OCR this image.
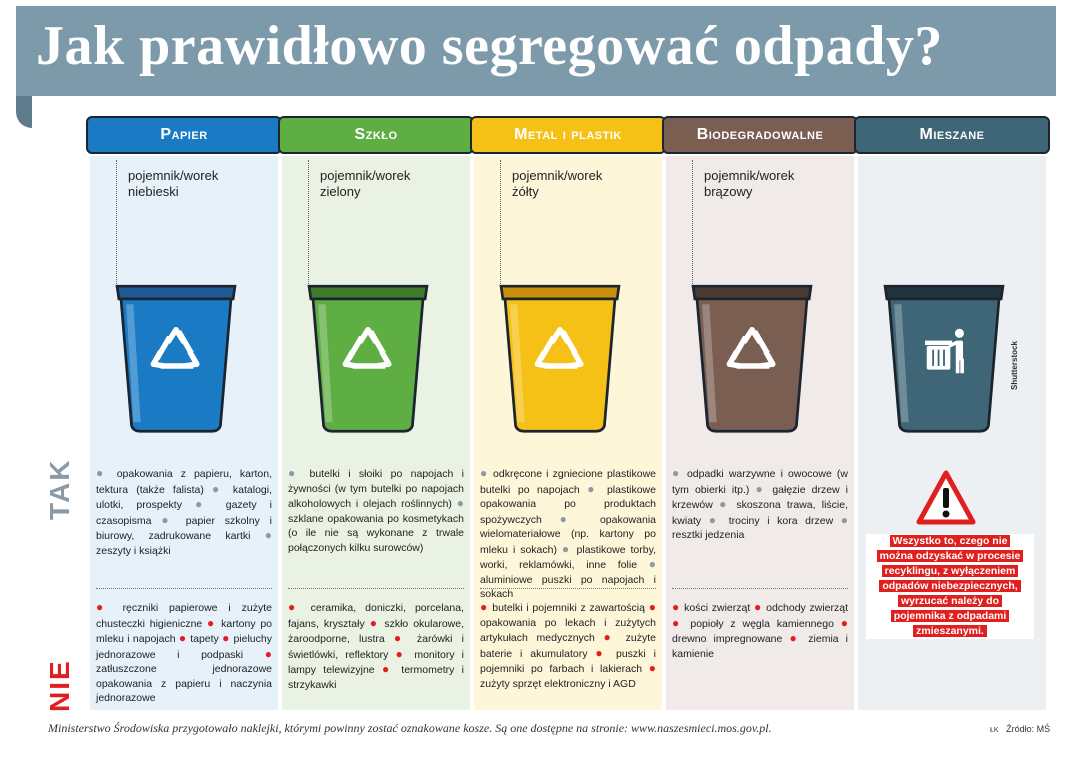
Jak prawidłowo segregować odpady?
TAK
NIE
Papier
pojemnik/worek
niebieski
● opakowania z papieru, karton, tektura (także falista) ● katalogi, ulotki, prospekty ● gazety i czasopisma ● papier szkolny i biurowy, zadrukowane kartki ● zeszyty i książki
● ręczniki papierowe i zużyte chusteczki higieniczne ● kartony po mleku i napojach ● tapety ● pieluchy jednorazowe i podpaski ● zatłuszczone jednorazowe opakowania z papieru i naczynia jednorazowe
Szkło
pojemnik/worek
zielony
● butelki i słoiki po napojach i żywności (w tym butelki po napojach alkoholowych i olejach roślinnych) ● szklane opakowania po kosmetykach (o ile nie są wykonane z trwale połączonych kilku surowców)
● ceramika, doniczki, porcelana, fajans, kryształy ● szkło okularowe, żaroodporne, lustra ● żarówki i świetlówki, reflektory ● monitory i lampy telewizyjne ● termometry i strzykawki
Metal i plastik
pojemnik/worek
żółty
● odkręcone i zgniecione plastikowe butelki po napojach ● plastikowe opakowania po produktach spożywczych ● opakowania wielomateriałowe (np. kartony po mleku i sokach) ● plastikowe torby, worki, reklamówki, inne folie ● aluminiowe puszki po napojach i sokach
● butelki i pojemniki z zawartością ● opakowania po lekach i zużytych artykułach medycznych ● zużyte baterie i akumulatory ● puszki i pojemniki po farbach i lakierach ● zużyty sprzęt elektroniczny i AGD
Biodegradowalne
pojemnik/worek
brązowy
● odpadki warzywne i owocowe (w tym obierki itp.) ● gałęzie drzew i krzewów ● skoszona trawa, liście, kwiaty ● trociny i kora drzew ● resztki jedzenia
● kości zwierząt ● odchody zwierząt ● popioły z węgla kamiennego ● drewno impregnowane ● ziemia i kamienie
Mieszane
Wszystko to, czego nie
można odzyskać w procesie
recyklingu, z wyłączeniem
odpadów niebezpiecznych,
wyrzucać należy do
pojemnika z odpadami
zmieszanymi.
Shutterstock
Ministerstwo Środowiska przygotowało naklejki, którymi powinny zostać oznakowane kosze. Są one dostępne na stronie: www.naszesmieci.mos.gov.pl.	ŁK Źródło: MŚ
